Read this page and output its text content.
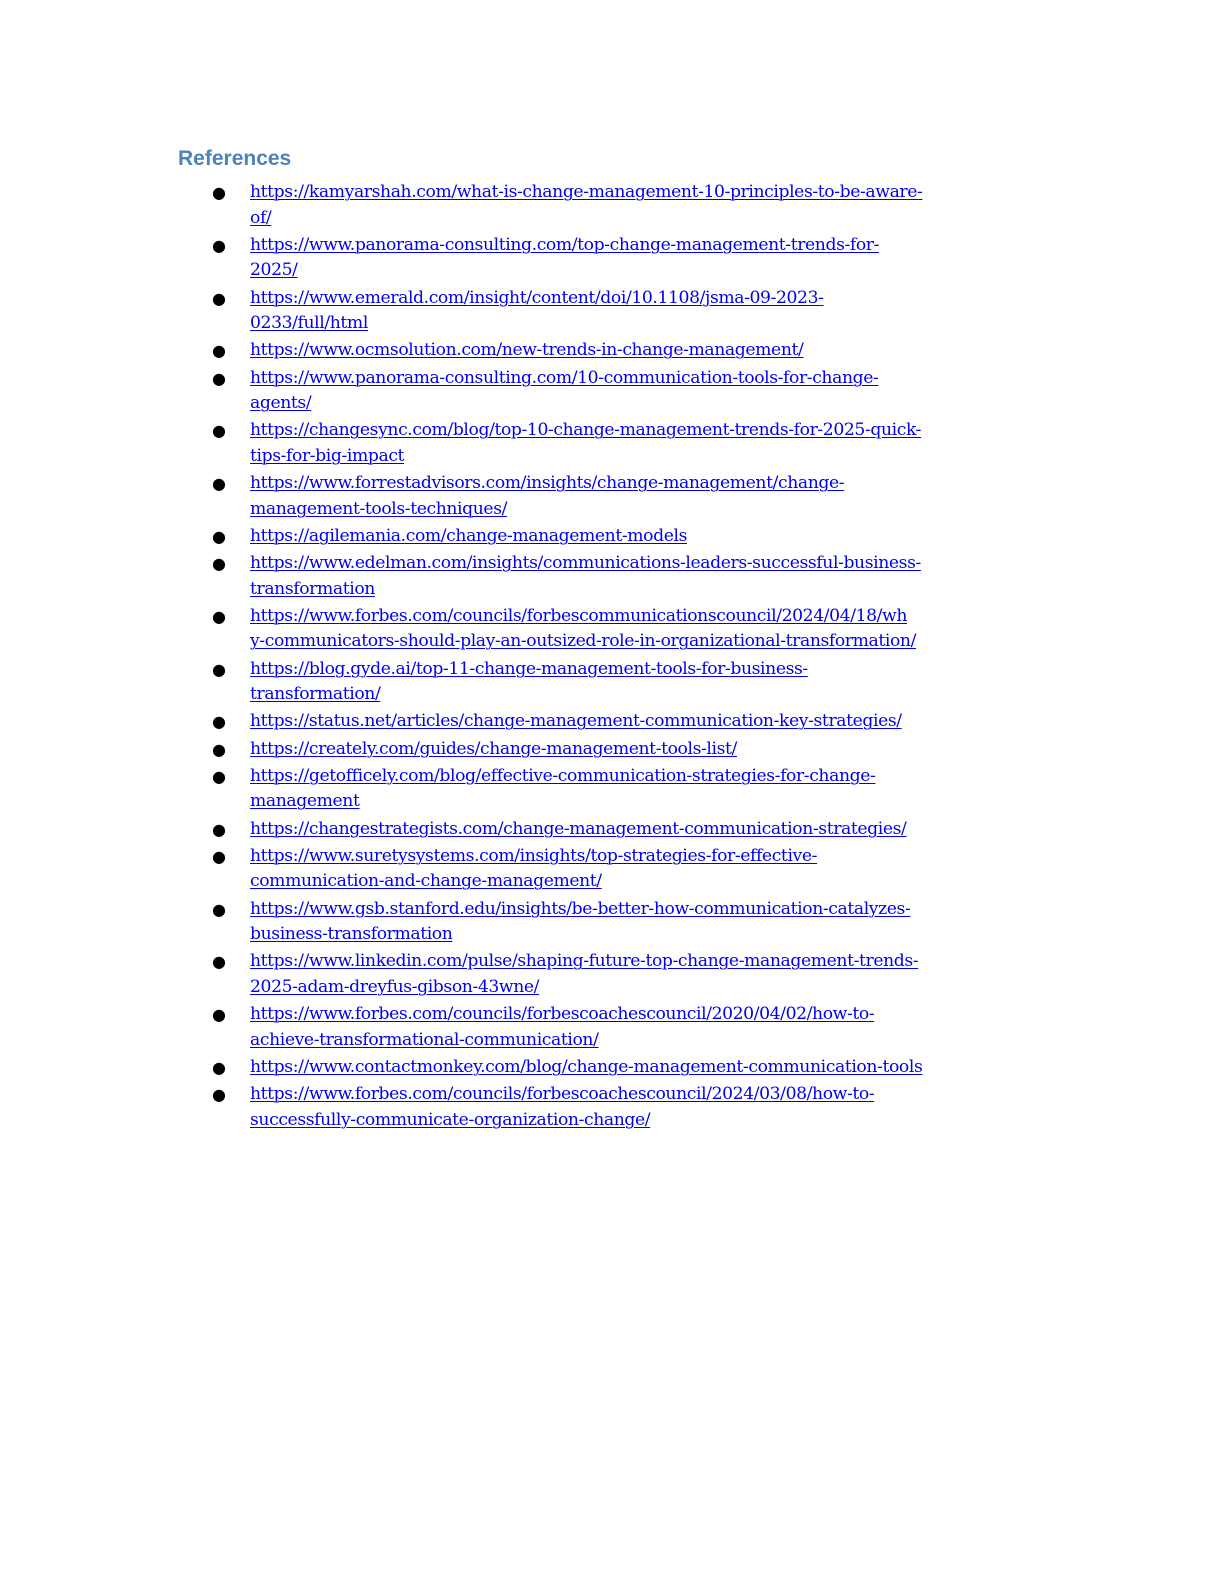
References
● https://kamyarshah.com/what-is-change-management-10-principles-to-be-aware-
of/
● https://www.panorama-consulting.com/top-change-management-trends-for-
2025/
● https://www.emerald.com/insight/content/doi/10.1108/jsma-09-2023-
0233/full/html
● https://www.ocmsolution.com/new-trends-in-change-management/
● https://www.panorama-consulting.com/10-communication-tools-for-change-
agents/
● https://changesync.com/blog/top-10-change-management-trends-for-2025-quick-
tips-for-big-impact
● https://www.forrestadvisors.com/insights/change-management/change-
management-tools-techniques/
● https://agilemania.com/change-management-models
● https://www.edelman.com/insights/communications-leaders-successful-business-
transformation
● https://www.forbes.com/councils/forbescommunicationscouncil/2024/04/18/wh
y-communicators-should-play-an-outsized-role-in-organizational-transformation/
● https://blog.gyde.ai/top-11-change-management-tools-for-business-
transformation/
● https://status.net/articles/change-management-communication-key-strategies/
● https://creately.com/guides/change-management-tools-list/
● https://getofficely.com/blog/effective-communication-strategies-for-change-
management
● https://changestrategists.com/change-management-communication-strategies/
● https://www.suretysystems.com/insights/top-strategies-for-effective-
communication-and-change-management/
● https://www.gsb.stanford.edu/insights/be-better-how-communication-catalyzes-
business-transformation
● https://www.linkedin.com/pulse/shaping-future-top-change-management-trends-
2025-adam-dreyfus-gibson-43wne/
● https://www.forbes.com/councils/forbescoachescouncil/2020/04/02/how-to-
achieve-transformational-communication/
● https://www.contactmonkey.com/blog/change-management-communication-tools
● https://www.forbes.com/councils/forbescoachescouncil/2024/03/08/how-to-
successfully-communicate-organization-change/
